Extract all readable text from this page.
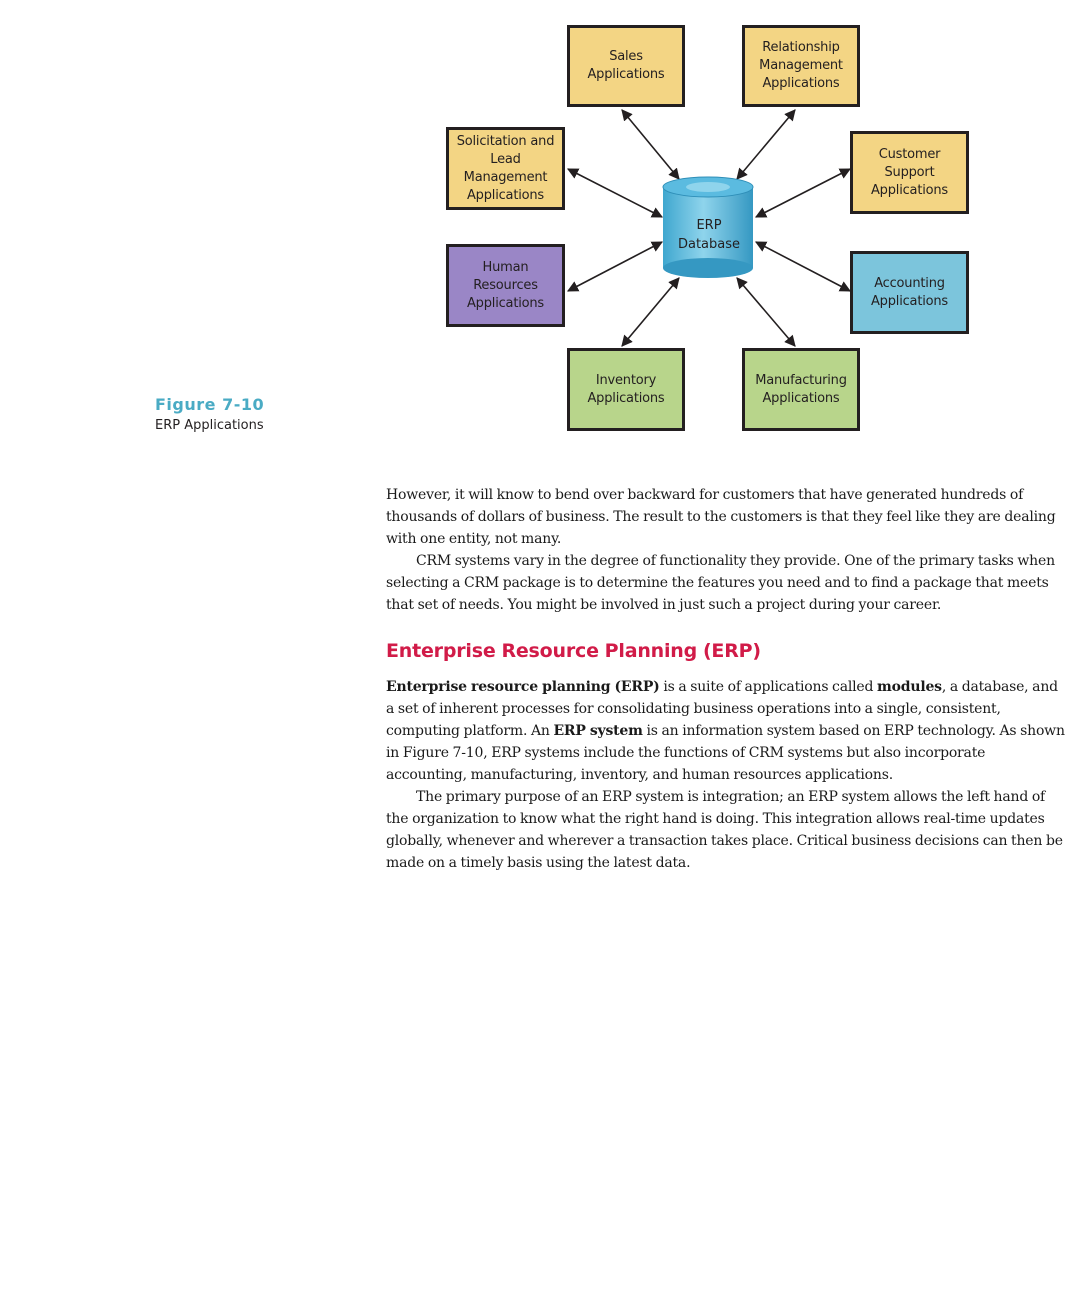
ERP
Database
Sales
Applications
Relationship
Management
Applications
Solicitation and
Lead
Management
Applications
Customer
Support
Applications
Human
Resources
Applications
Accounting
Applications
Inventory
Applications
Manufacturing
Applications
Figure 7-10
ERP Applications

However, it will know to bend over backward for customers that have generated hundreds of thousands of dollars of business. The result to the customers is that they feel like they are dealing with one entity, not many.

CRM systems vary in the degree of functionality they provide. One of the primary tasks when selecting a CRM package is to determine the features you need and to find a package that meets that set of needs. You might be involved in just such a project during your career.

Enterprise Resource Planning (ERP)

Enterprise resource planning (ERP) is a suite of applications called modules, a database, and a set of inherent processes for consolidating business operations into a single, consistent, computing platform. An ERP system is an information system based on ERP technology. As shown in Figure 7-10, ERP systems include the functions of CRM systems but also incorporate accounting, manufacturing, inventory, and human resources applications.

The primary purpose of an ERP system is integration; an ERP system allows the left hand of the organization to know what the right hand is doing. This integration allows real-time updates globally, whenever and wherever a transaction takes place. Critical business decisions can then be made on a timely basis using the latest data.
